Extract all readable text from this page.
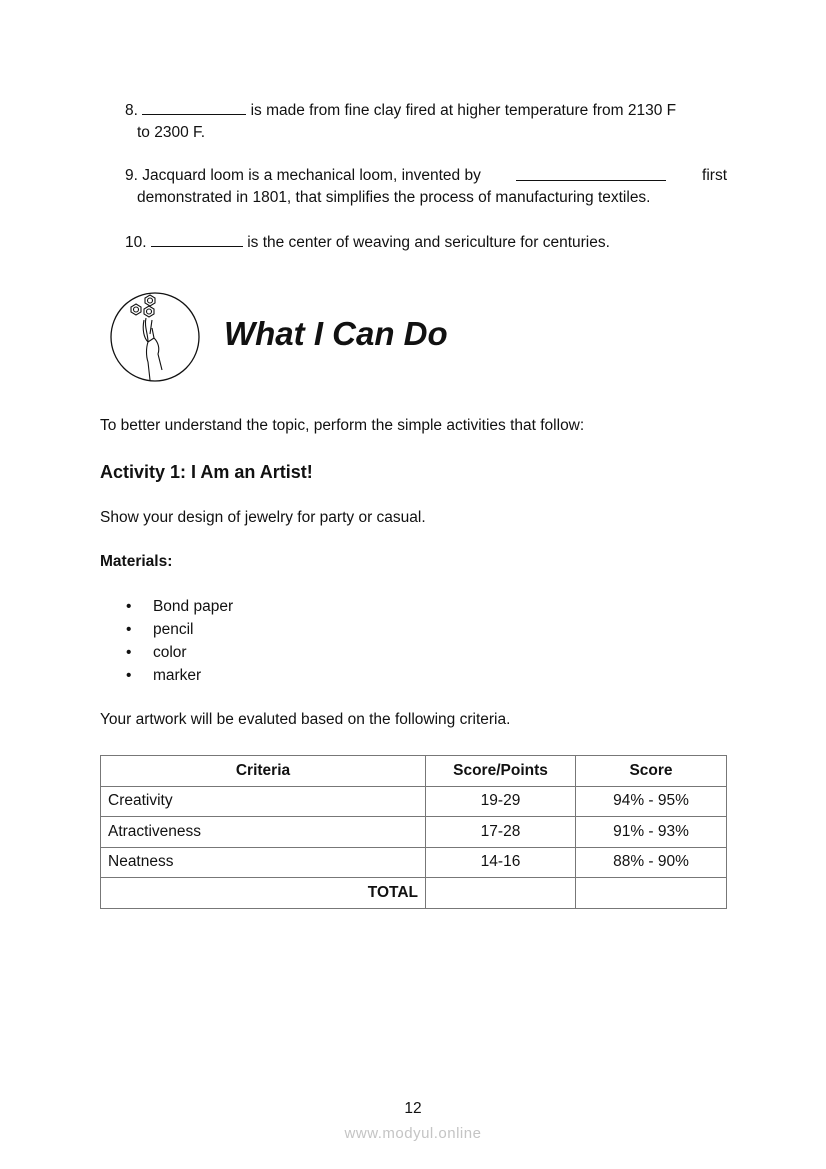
8.	is made from fine clay fired at higher temperature from 2130 F
to 2300 F.
9. Jacquard loom is a mechanical loom, invented by	first
demonstrated in 1801, that simplifies the process of manufacturing textiles.
10.	is the center of weaving and sericulture for centuries.
What I Can Do
To better understand the topic, perform the simple activities that follow:
Activity 1: I Am an Artist!
Show your design of jewelry for party or casual.
Materials:
•     Bond paper
•     pencil
•     color
•     marker
Your artwork will be evaluted based on the following criteria.
Criteria	Score/Points	Score
Creativity	19-29	94% - 95%
Atractiveness	17-28	91% - 93%
Neatness	14-16	88% - 90%
TOTAL		
12
www.modyul.online
